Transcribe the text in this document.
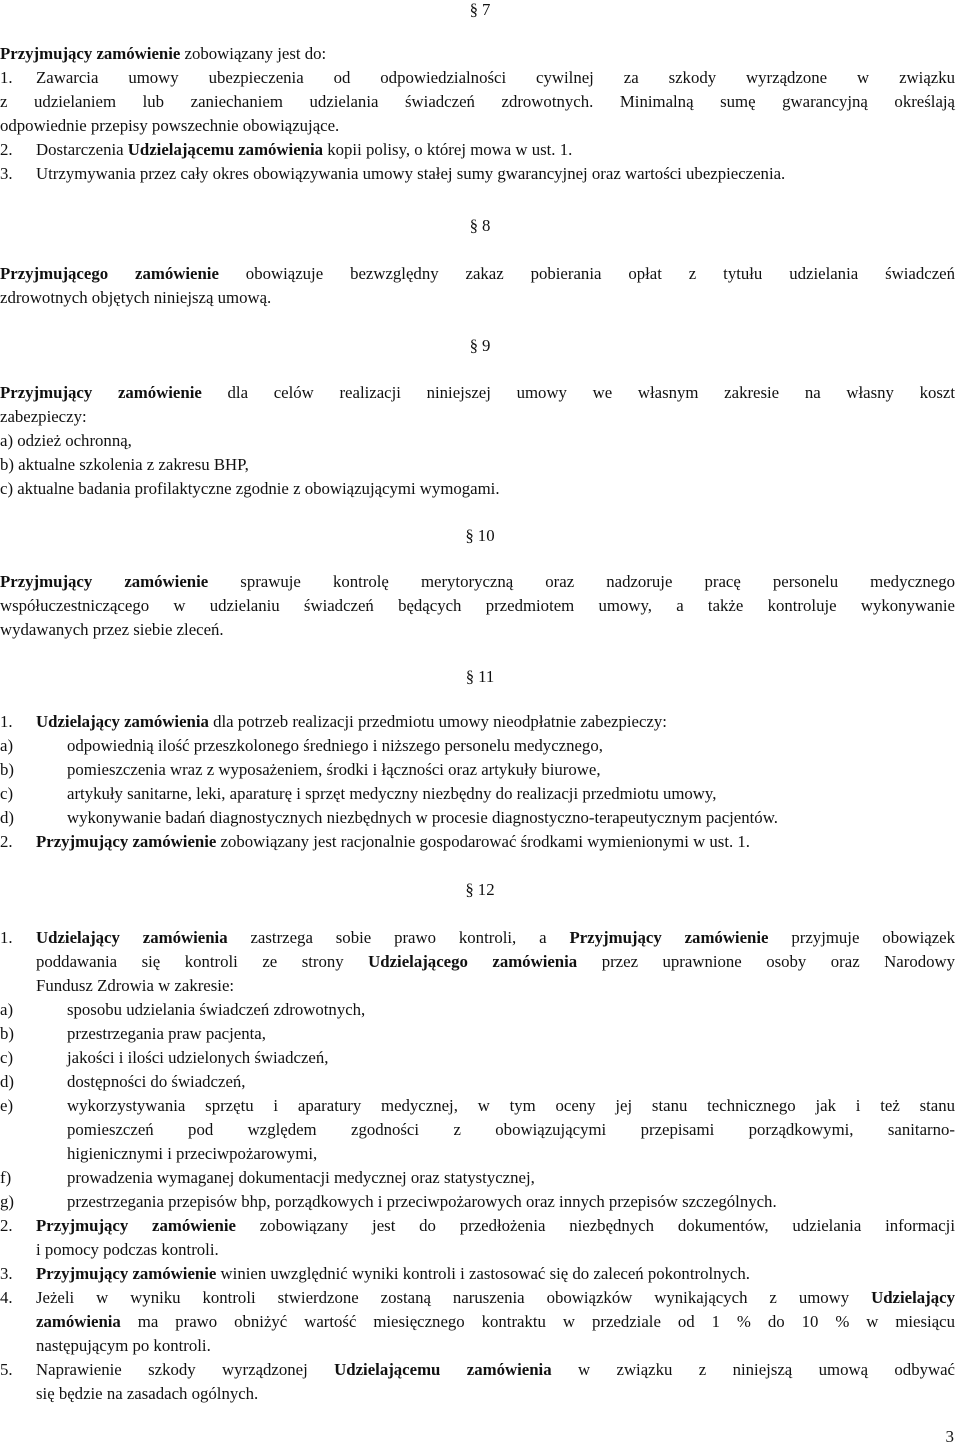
§ 7
Przyjmujący zamówienie zobowiązany jest do:
1. Zawarcia umowy ubezpieczenia od odpowiedzialności cywilnej za szkody wyrządzone w związku
z udzielaniem lub zaniechaniem udzielania świadczeń zdrowotnych. Minimalną sumę gwarancyjną określają
odpowiednie przepisy powszechnie obowiązujące.
2. Dostarczenia Udzielającemu zamówienia kopii polisy, o której mowa w ust. 1.
3. Utrzymywania przez cały okres obowiązywania umowy stałej sumy gwarancyjnej oraz wartości ubezpieczenia.
§ 8
Przyjmującego zamówienie obowiązuje bezwzględny zakaz pobierania opłat z tytułu udzielania świadczeń
zdrowotnych objętych niniejszą umową.
§ 9
Przyjmujący zamówienie dla celów realizacji niniejszej umowy we własnym zakresie na własny koszt
zabezpieczy:
a) odzież ochronną,
b) aktualne szkolenia z zakresu BHP,
c) aktualne badania profilaktyczne zgodnie z obowiązującymi wymogami.
§ 10
Przyjmujący zamówienie sprawuje kontrolę merytoryczną oraz nadzoruje pracę personelu medycznego
współuczestniczącego w udzielaniu świadczeń będących przedmiotem umowy, a także kontroluje wykonywanie
wydawanych przez siebie zleceń.
§ 11
1. Udzielający zamówienia dla potrzeb realizacji przedmiotu umowy nieodpłatnie zabezpieczy:
a)	odpowiednią ilość przeszkolonego średniego i niższego personelu medycznego,
b)	pomieszczenia wraz z wyposażeniem, środki i łączności oraz artykuły biurowe,
c)	artykuły sanitarne, leki, aparaturę i sprzęt medyczny niezbędny do realizacji przedmiotu umowy,
d)	wykonywanie badań diagnostycznych niezbędnych w procesie diagnostyczno-terapeutycznym pacjentów.
2. Przyjmujący zamówienie zobowiązany jest racjonalnie gospodarować środkami wymienionymi w ust. 1.
§ 12
1. Udzielający zamówienia zastrzega sobie prawo kontroli, a Przyjmujący zamówienie przyjmuje obowiązek
poddawania się kontroli ze strony Udzielającego zamówienia przez uprawnione osoby oraz Narodowy
Fundusz Zdrowia w zakresie:
a)	sposobu udzielania świadczeń zdrowotnych,
b)	przestrzegania praw pacjenta,
c)	jakości i ilości udzielonych świadczeń,
d)	dostępności do świadczeń,
e)	wykorzystywania sprzętu i aparatury medycznej, w tym oceny jej stanu technicznego jak i też stanu
pomieszczeń pod względem zgodności z obowiązującymi przepisami porządkowymi, sanitarno-
higienicznymi i przeciwpożarowymi,
f)	prowadzenia wymaganej dokumentacji medycznej oraz statystycznej,
g)	przestrzegania przepisów bhp, porządkowych i przeciwpożarowych oraz innych przepisów szczególnych.
2. Przyjmujący zamówienie zobowiązany jest do przedłożenia niezbędnych dokumentów, udzielania informacji
i pomocy podczas kontroli.
3. Przyjmujący zamówienie winien uwzględnić wyniki kontroli i zastosować się do zaleceń pokontrolnych.
4. Jeżeli w wyniku kontroli stwierdzone zostaną naruszenia obowiązków wynikających z umowy Udzielający
zamówienia ma prawo obniżyć wartość miesięcznego kontraktu w przedziale od 1 % do 10 % w miesiącu
następującym po kontroli.
5. Naprawienie szkody wyrządzonej Udzielającemu zamówienia w związku z niniejszą umową odbywać
się będzie na zasadach ogólnych.
3
